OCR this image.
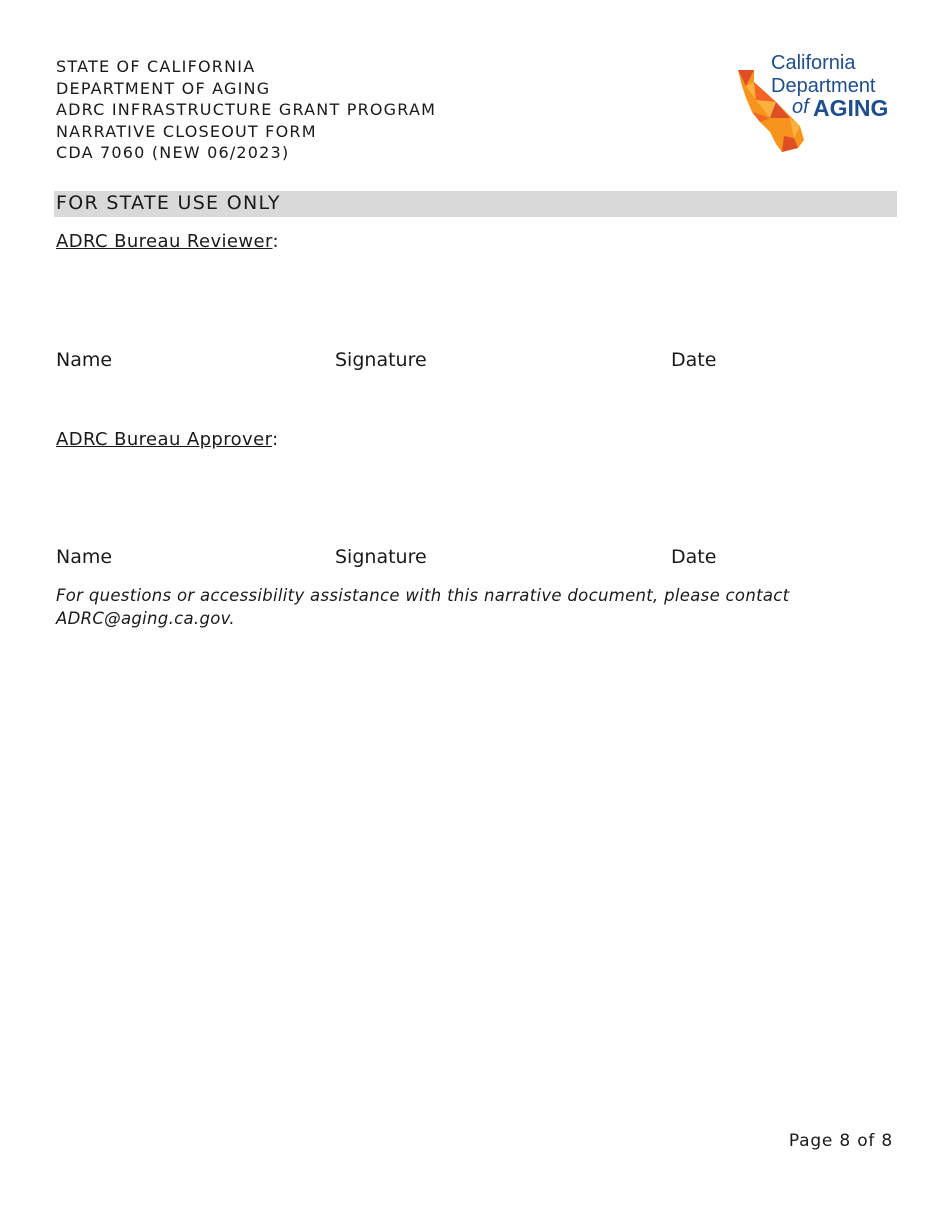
STATE OF CALIFORNIA
DEPARTMENT OF AGING
ADRC INFRASTRUCTURE GRANT PROGRAM
NARRATIVE CLOSEOUT FORM
CDA 7060 (NEW 06/2023)
California
Department
of AGING
FOR STATE USE ONLY
ADRC Bureau Reviewer:
Name	Signature	Date
ADRC Bureau Approver:
Name	Signature	Date
For questions or accessibility assistance with this narrative document, please contact
ADRC@aging.ca.gov.
Page 8 of 8
